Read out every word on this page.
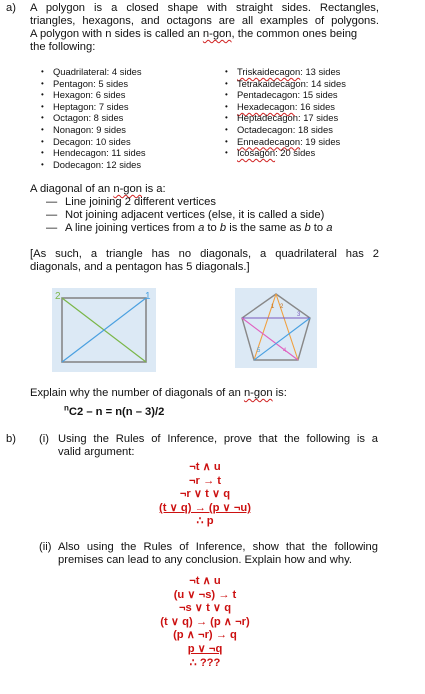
a) A polygon is a closed shape with straight sides. Rectangles,
triangles, hexagons, and octagons are all examples of polygons.
A polygon with n sides is called an n-gon, the common ones being
the following:
• Quadrilateral: 4 sides
• Pentagon: 5 sides
• Hexagon: 6 sides
• Heptagon: 7 sides
• Octagon: 8 sides
• Nonagon: 9 sides
• Decagon: 10 sides
• Hendecagon: 11 sides
• Dodecagon: 12 sides
• Triskaidecagon: 13 sides
• Tetrakaidecagon: 14 sides
• Pentadecagon: 15 sides
• Hexadecagon: 16 sides
• Heptadecagon: 17 sides
• Octadecagon: 18 sides
• Enneadecagon: 19 sides
• Icosagon: 20 sides
A diagonal of an n-gon is a:
— Line joining 2 different vertices
— Not joining adjacent vertices (else, it is called a side)
— A line joining vertices from a to b is the same as b to a
[As such, a triangle has no diagonals, a quadrilateral has 2
diagonals, and a pentagon has 5 diagonals.]
2	1
1 2
3
4
5
Explain why the number of diagonals of an n-gon is:
$^n$C2 – n = n(n – 3)/2
b) (i) Using the Rules of Inference, prove that the following is a
valid argument:
¬t ∧ u
¬r → t
¬r ∨ t ∨ q
(t ∨ q) → (p ∨ ¬u)
∴ p
(ii) Also using the Rules of Inference, show that the following
premises can lead to any conclusion. Explain how and why.
¬t ∧ u
(u ∨ ¬s) → t
¬s ∨ t ∨ q
(t ∨ q) → (p ∧ ¬r)
(p ∧ ¬r) → q
p ∨ ¬q
∴ ???
